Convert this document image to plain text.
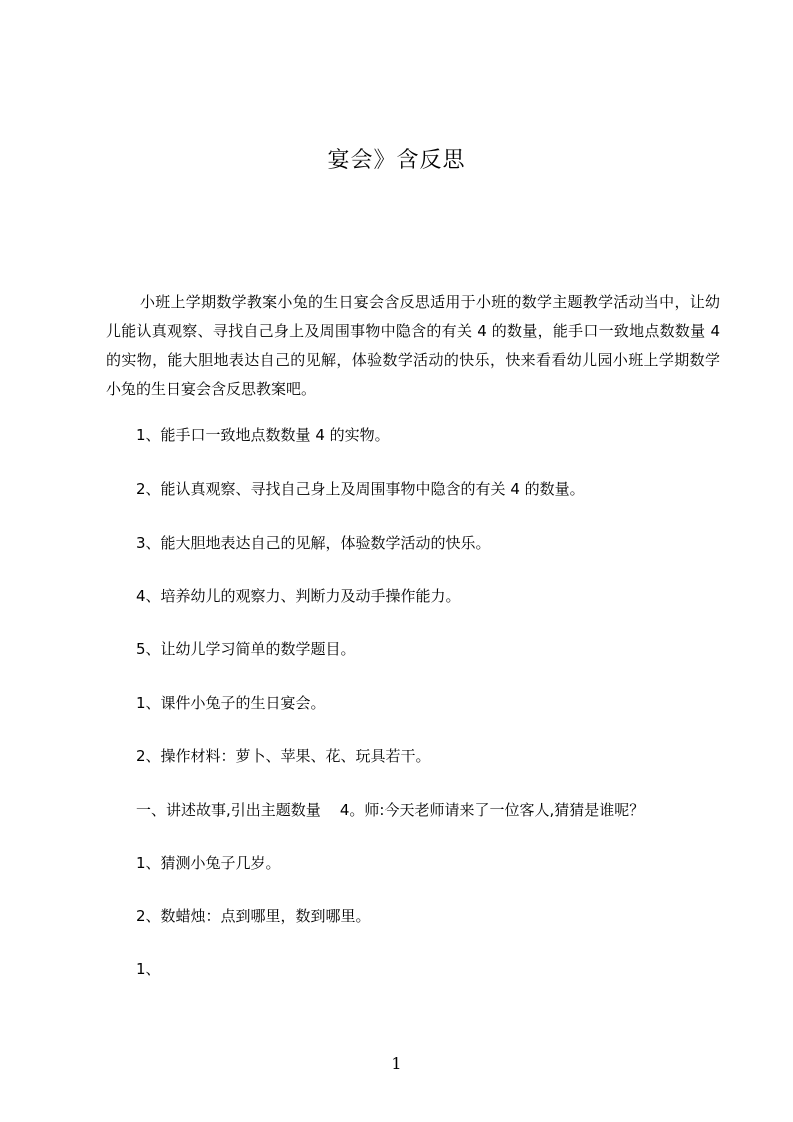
宴会》含反思

小班上学期数学教案小兔的生日宴会含反思适用于小班的数学主题教学活动当中，让幼儿能认真观察、寻找自己身上及周围事物中隐含的有关 4 的数量，能手口一致地点数数量 4 的实物，能大胆地表达自己的见解，体验数学活动的快乐，快来看看幼儿园小班上学期数学小兔的生日宴会含反思教案吧。

1、能手口一致地点数数量 4 的实物。
2、能认真观察、寻找自己身上及周围事物中隐含的有关 4 的数量。
3、能大胆地表达自己的见解，体验数学活动的快乐。
4、培养幼儿的观察力、判断力及动手操作能力。
5、让幼儿学习简单的数学题目。
1、课件小兔子的生日宴会。
2、操作材料：萝卜、苹果、花、玩具若干。
一、讲述故事,引出主题数量    4。师:今天老师请来了一位客人,猜猜是谁呢？
1、猜测小兔子几岁。
2、数蜡烛：点到哪里，数到哪里。
1、
1
